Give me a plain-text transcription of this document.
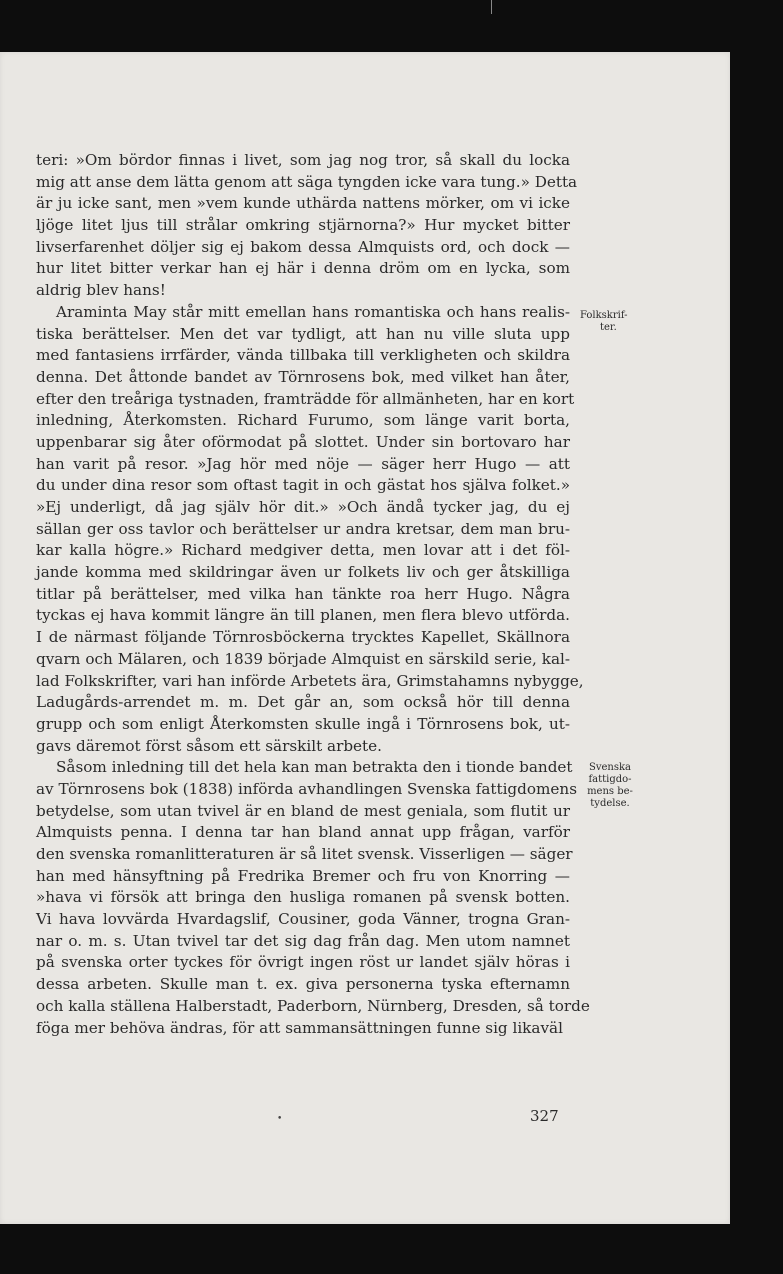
teri: »Om bördor finnas i livet, som jag nog tror, så skall du locka
mig att anse dem lätta genom att säga tyngden icke vara tung.» Detta
är ju icke sant, men »vem kunde uthärda nattens mörker, om vi icke
ljöge litet ljus till strålar omkring stjärnorna?» Hur mycket bitter
livserfarenhet döljer sig ej bakom dessa Almquists ord, och dock —
hur litet bitter verkar han ej här i denna dröm om en lycka, som
aldrig blev hans!
Araminta May står mitt emellan hans romantiska och hans realis-
tiska berättelser. Men det var tydligt, att han nu ville sluta upp
med fantasiens irrfärder, vända tillbaka till verkligheten och skildra
denna. Det åttonde bandet av Törnrosens bok, med vilket han åter,
efter den treåriga tystnaden, framträdde för allmänheten, har en kort
inledning, Återkomsten. Richard Furumo, som länge varit borta,
uppenbarar sig åter oförmodat på slottet. Under sin bortovaro har
han varit på resor. »Jag hör med nöje — säger herr Hugo — att
du under dina resor som oftast tagit in och gästat hos själva folket.»
»Ej underligt, då jag själv hör dit.» »Och ändå tycker jag, du ej
sällan ger oss tavlor och berättelser ur andra kretsar, dem man bru-
kar kalla högre.» Richard medgiver detta, men lovar att i det föl-
jande komma med skildringar även ur folkets liv och ger åtskilliga
titlar på berättelser, med vilka han tänkte roa herr Hugo. Några
tyckas ej hava kommit längre än till planen, men flera blevo utförda.
I de närmast följande Törnrosböckerna trycktes Kapellet, Skällnora
qvarn och Mälaren, och 1839 började Almquist en särskild serie, kal-
lad Folkskrifter, vari han införde Arbetets ära, Grimstahamns nybygge,
Ladugårds-arrendet m. m. Det går an, som också hör till denna
grupp och som enligt Återkomsten skulle ingå i Törnrosens bok, ut-
gavs däremot först såsom ett särskilt arbete.
Såsom inledning till det hela kan man betrakta den i tionde bandet
av Törnrosens bok (1838) införda avhandlingen Svenska fattigdomens
betydelse, som utan tvivel är en bland de mest geniala, som flutit ur
Almquists penna. I denna tar han bland annat upp frågan, varför
den svenska romanlitteraturen är så litet svensk. Visserligen — säger
han med hänsyftning på Fredrika Bremer och fru von Knorring —
»hava vi försök att bringa den husliga romanen på svensk botten.
Vi hava lovvärda Hvardagslif, Cousiner, goda Vänner, trogna Gran-
nar o. m. s. Utan tvivel tar det sig dag från dag. Men utom namnet
på svenska orter tyckes för övrigt ingen röst ur landet själv höras i
dessa arbeten. Skulle man t. ex. giva personerna tyska efternamn
och kalla ställena Halberstadt, Paderborn, Nürnberg, Dresden, så torde
föga mer behöva ändras, för att sammansättningen funne sig likaväl
Folkskrif-
ter.
Svenska
fattigdo-
mens be-
tydelse.
•	327
